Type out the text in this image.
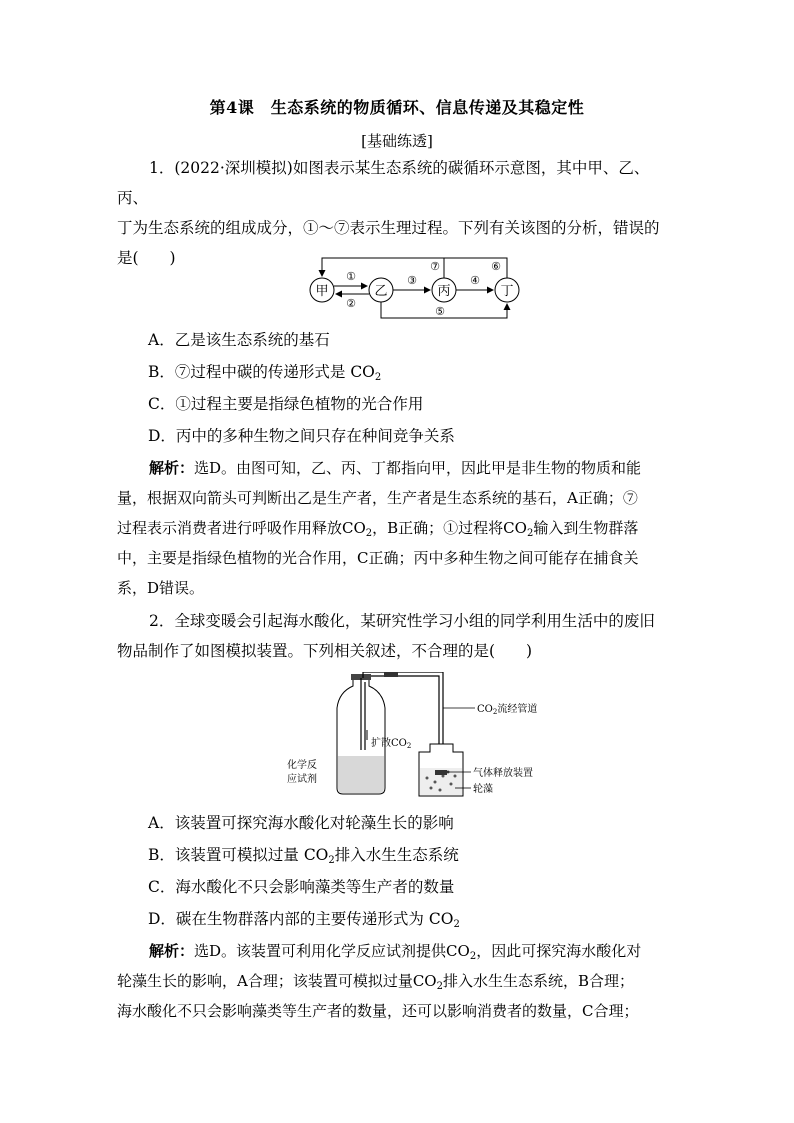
第4课　生态系统的物质循环、信息传递及其稳定性
[基础练透]
1．(2022·深圳模拟)如图表示某生态系统的碳循环示意图，其中甲、乙、丙、
丁为生态系统的组成成分，①～⑦表示生理过程。下列有关该图的分析，错误的
是(　　)
甲	乙	丙	丁
①
②
③	④
⑤
⑥
⑦
A．乙是该生态系统的基石
B．⑦过程中碳的传递形式是 $CO_2$
C．①过程主要是指绿色植物的光合作用
D．丙中的多种生物之间只存在种间竞争关系
解析：选D。由图可知，乙、丙、丁都指向甲，因此甲是非生物的物质和能
量，根据双向箭头可判断出乙是生产者，生产者是生态系统的基石，A正确；⑦
过程表示消费者进行呼吸作用释放$CO_2$，B正确；①过程将$CO_2$输入到生物群落
中，主要是指绿色植物的光合作用，C正确；丙中多种生物之间可能存在捕食关
系，D错误。
2．全球变暖会引起海水酸化，某研究性学习小组的同学利用生活中的废旧
物品制作了如图模拟装置。下列相关叙述，不合理的是(　　)
扩散$CO_2$
化学反
应试剂
$CO_2$流经管道
气体释放装置
轮藻
A．该装置可探究海水酸化对轮藻生长的影响
B．该装置可模拟过量 $CO_2$排入水生生态系统
C．海水酸化不只会影响藻类等生产者的数量
D．碳在生物群落内部的主要传递形式为 $CO_2$
解析：选D。该装置可利用化学反应试剂提供$CO_2$，因此可探究海水酸化对
轮藻生长的影响，A合理；该装置可模拟过量$CO_2$排入水生生态系统，B合理；
海水酸化不只会影响藻类等生产者的数量，还可以影响消费者的数量，C合理；
